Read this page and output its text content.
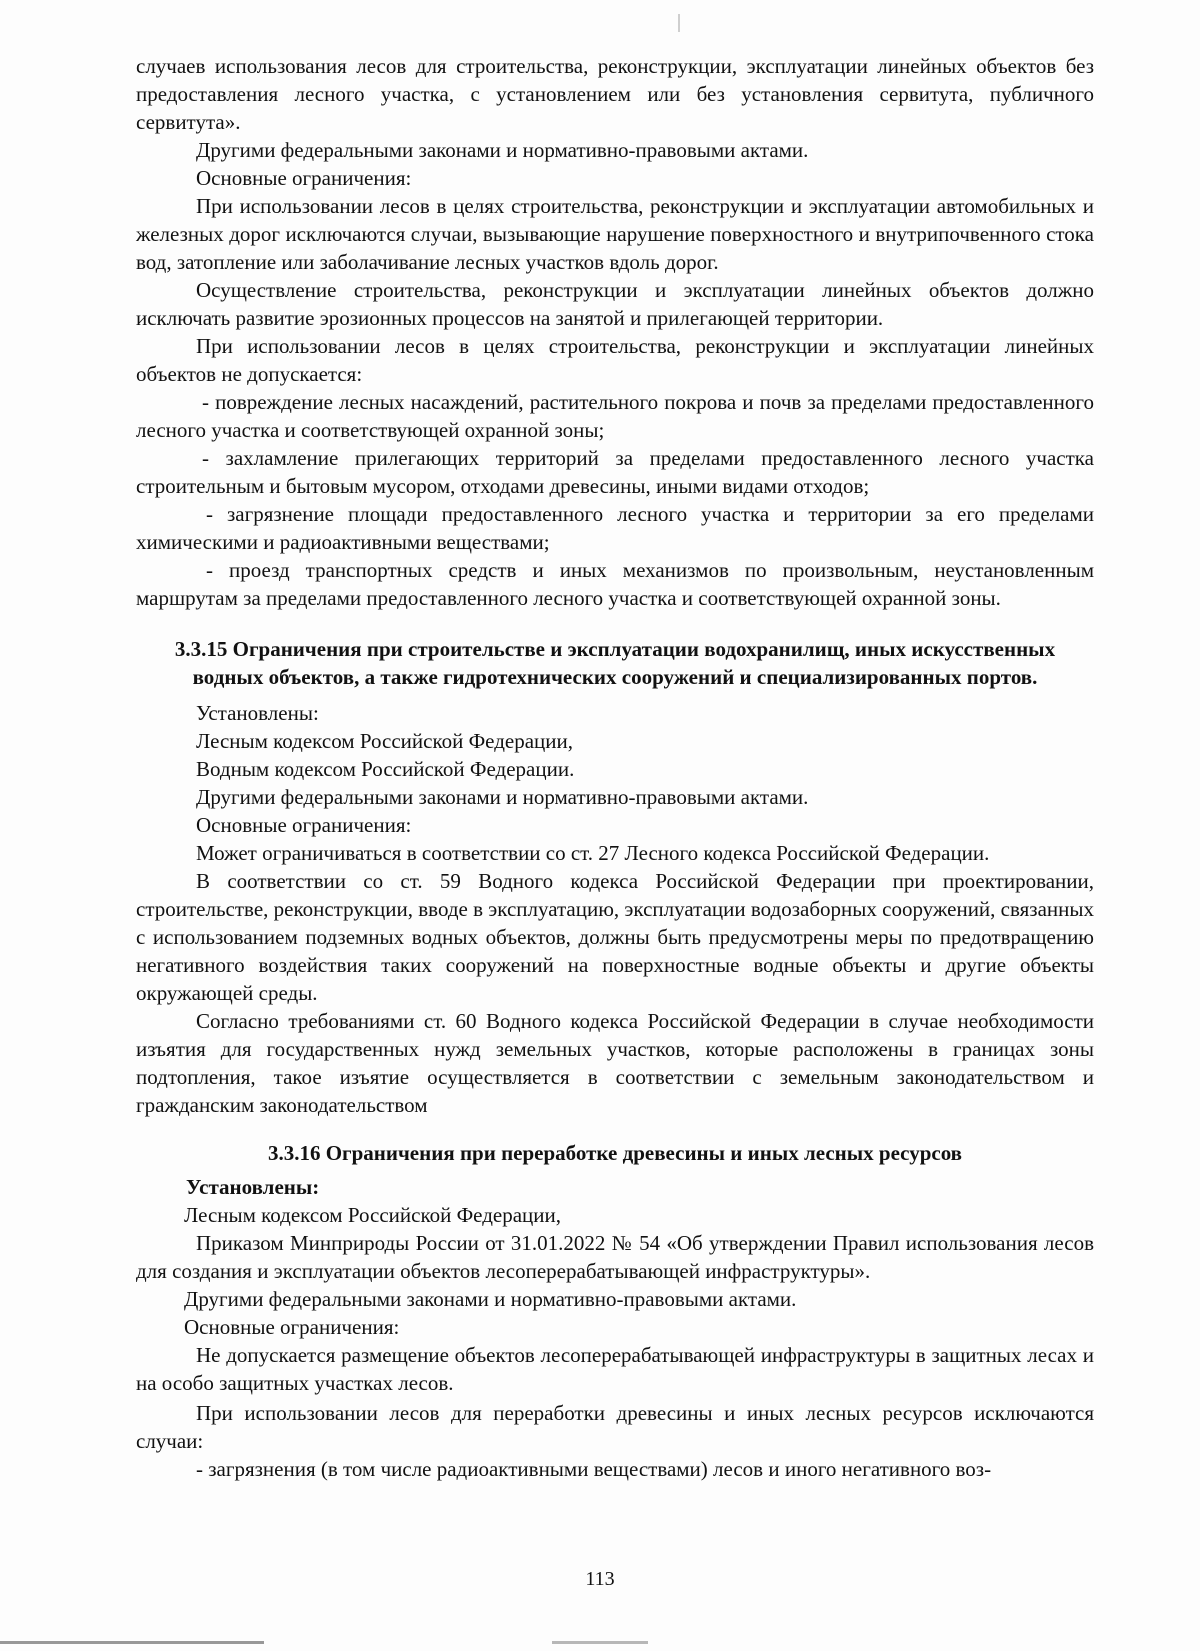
случаев использования лесов для строительства, реконструкции, эксплуатации линейных объектов без предоставления лесного участка, с установлением или без установления сервитута, публичного сервитута».

Другими федеральными законами и нормативно-правовыми актами.

Основные ограничения:

При использовании лесов в целях строительства, реконструкции и эксплуатации автомобильных и железных дорог исключаются случаи, вызывающие нарушение поверхностного и внутрипочвенного стока вод, затопление или заболачивание лесных участков вдоль дорог.

Осуществление строительства, реконструкции и эксплуатации линейных объектов должно исключать развитие эрозионных процессов на занятой и прилегающей территории.

При использовании лесов в целях строительства, реконструкции и эксплуатации линейных объектов не допускается:

- повреждение лесных насаждений, растительного покрова и почв за пределами предоставленного лесного участка и соответствующей охранной зоны;

- захламление прилегающих территорий за пределами предоставленного лесного участка строительным и бытовым мусором, отходами древесины, иными видами отходов;

- загрязнение площади предоставленного лесного участка и территории за его пределами химическими и радиоактивными веществами;

- проезд транспортных средств и иных механизмов по произвольным, неустановленным маршрутам за пределами предоставленного лесного участка и соответствующей охранной зоны.

3.3.15 Ограничения при строительстве и эксплуатации водохранилищ, иных искусственных водных объектов, а также гидротехнических сооружений и специализированных портов.

Установлены:

Лесным кодексом Российской Федерации,

Водным кодексом Российской Федерации.

Другими федеральными законами и нормативно-правовыми актами.

Основные ограничения:

Может ограничиваться в соответствии со ст. 27 Лесного кодекса Российской Федерации.

В соответствии со ст. 59 Водного кодекса Российской Федерации при проектировании, строительстве, реконструкции, вводе в эксплуатацию, эксплуатации водозаборных сооружений, связанных с использованием подземных водных объектов, должны быть предусмотрены меры по предотвращению негативного воздействия таких сооружений на поверхностные водные объекты и другие объекты окружающей среды.

Согласно требованиями ст. 60 Водного кодекса Российской Федерации в случае необходимости изъятия для государственных нужд земельных участков, которые расположены в границах зоны подтопления, такое изъятие осуществляется в соответствии с земельным законодательством и гражданским законодательством

3.3.16 Ограничения при переработке древесины и иных лесных ресурсов

Установлены:

Лесным кодексом Российской Федерации,

Приказом Минприроды России от 31.01.2022 № 54 «Об утверждении Правил использования лесов для создания и эксплуатации объектов лесоперерабатывающей инфраструктуры».

Другими федеральными законами и нормативно-правовыми актами.

Основные ограничения:

Не допускается размещение объектов лесоперерабатывающей инфраструктуры в защитных лесах и на особо защитных участках лесов.

При использовании лесов для переработки древесины и иных лесных ресурсов исключаются случаи:

- загрязнения (в том числе радиоактивными веществами) лесов и иного негативного воз-

113
